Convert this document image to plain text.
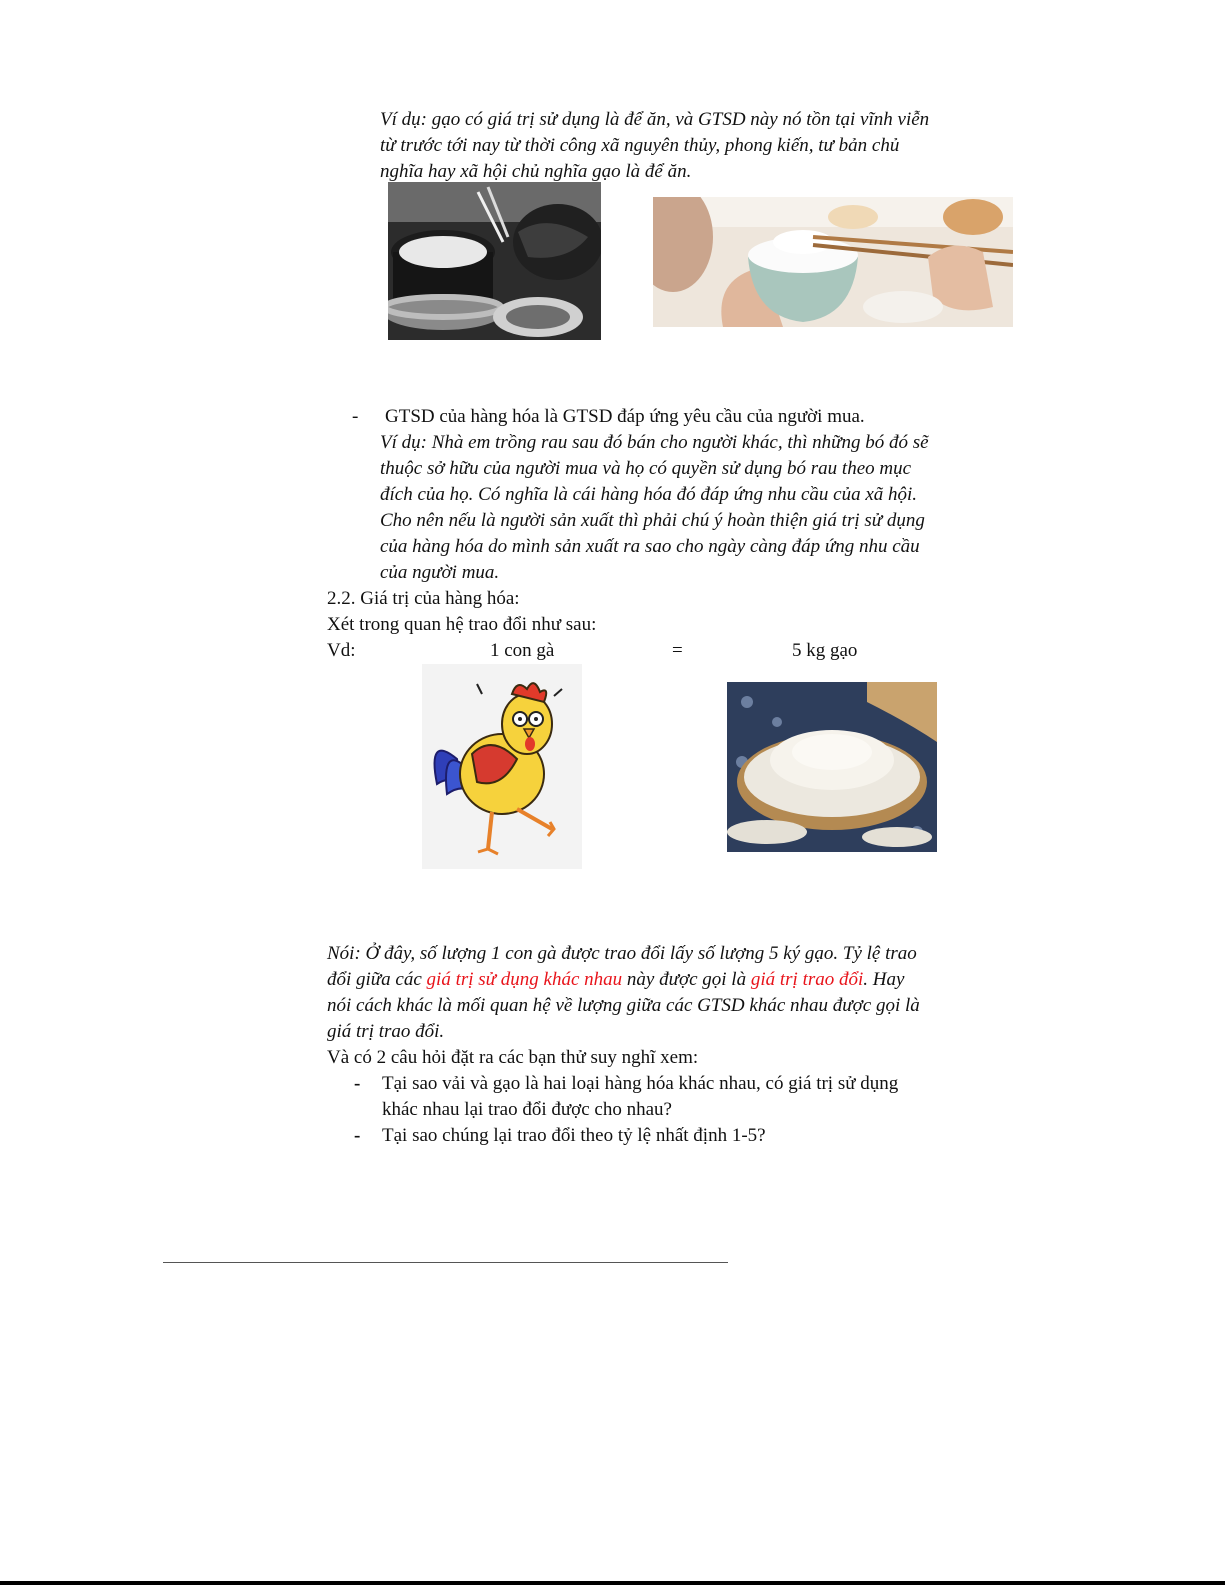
Ví dụ: gạo có giá trị sử dụng là để ăn, và GTSD này nó tồn tại vĩnh viễn
từ trước tới nay từ thời công xã nguyên thủy, phong kiến, tư bản chủ
nghĩa hay xã hội chủ nghĩa gạo là để ăn.
- GTSD của hàng hóa là GTSD đáp ứng yêu cầu của người mua.
Ví dụ: Nhà em trồng rau sau đó bán cho người khác, thì những bó đó sẽ
thuộc sở hữu của người mua và họ có quyền sử dụng bó rau theo mục
đích của họ. Có nghĩa là cái hàng hóa đó đáp ứng nhu cầu của xã hội.
Cho nên nếu là người sản xuất thì phải chú ý hoàn thiện giá trị sử dụng
của hàng hóa do mình sản xuất ra sao cho ngày càng đáp ứng nhu cầu
của người mua.
2.2. Giá trị của hàng hóa:
Xét trong quan hệ trao đổi như sau:
Vd:	1 con gà	=	5 kg gạo
Nói: Ở đây, số lượng 1 con gà được trao đổi lấy số lượng 5 ký gạo. Tỷ lệ trao
đổi giữa các giá trị sử dụng khác nhau này được gọi là giá trị trao đổi. Hay
nói cách khác là mối quan hệ về lượng giữa các GTSD khác nhau được gọi là
giá trị trao đổi.
Và có 2 câu hỏi đặt ra các bạn thử suy nghĩ xem:
- Tại sao vải và gạo là hai loại hàng hóa khác nhau, có giá trị sử dụng
khác nhau lại trao đổi được cho nhau?
- Tại sao chúng lại trao đổi theo tỷ lệ nhất định 1-5?
